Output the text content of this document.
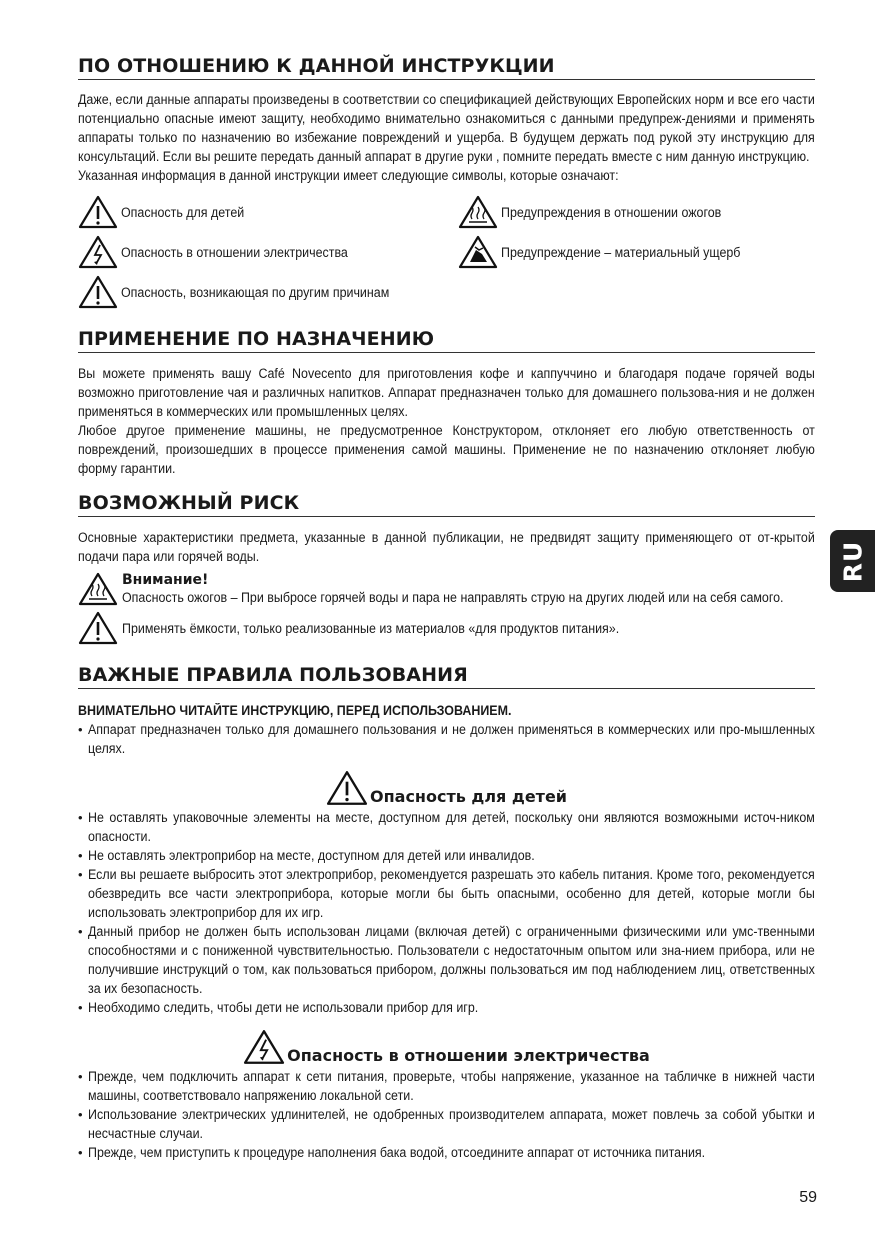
ПО ОТНОШЕНИЮ К ДАННОЙ ИНСТРУКЦИИ

Даже, если данные аппараты произведены в соответствии со спецификацией действующих Европейских норм и все его части потенциально опасные имеют защиту, необходимо внимательно ознакомиться с данными предупреж-дениями и применять аппараты только по назначению во избежание повреждений и ущерба. В будущем держать под рукой эту инструкцию для консультаций. Если вы решите передать данный аппарат в другие руки , помните передать вместе с ним данную инструкцию.

Указанная информация в данной инструкции имеет следующие символы, которые означают:

Опасность для детей
Опасность в отношении электричества
Опасность, возникающая по другим причинам
Предупреждения в отношении ожогов
Предупреждение – материальный ущерб
ПРИМЕНЕНИЕ ПО НАЗНАЧЕНИЮ

Вы можете применять вашу Café Novecento для приготовления кофе и каппуччино и благодаря подаче горячей воды возможно приготовление чая и различных напитков. Аппарат предназначен только для домашнего пользова-ния и не должен применяться в коммерческих или промышленных целях.

Любое другое применение машины, не предусмотренное Конструктором, отклоняет его любую ответственность от повреждений, произошедших в процессе применения самой машины. Применение не по назначению отклоняет любую форму гарантии.

ВОЗМОЖНЫЙ РИСК

Основные характеристики предмета, указанные в данной публикации, не предвидят защиту применяющего от от-крытой подачи пара или горячей воды.

Внимание!

Опасность ожогов – При выбросе горячей воды и пара не направлять струю на других людей или на себя самого.

Применять ёмкости, только реализованные из материалов «для продуктов питания».

ВАЖНЫЕ ПРАВИЛА ПОЛЬЗОВАНИЯ
ВНИМАТЕЛЬНО ЧИТАЙТЕ ИНСТРУКЦИЮ, ПЕРЕД ИСПОЛЬЗОВАНИЕМ.

• Аппарат предназначен только для домашнего пользования и не должен применяться в коммерческих или про-мышленных целях.

Опасность для детей

• Не оставлять упаковочные элементы на месте, доступном для детей, поскольку они являются возможными источ-ником опасности.

• Не оставлять электроприбор на месте, доступном для детей или инвалидов.

• Если вы решаете выбросить этот электроприбор, рекомендуется разрешать это кабель питания. Кроме того, рекомендуется обезвредить все части электроприбора, которые могли бы быть опасными, особенно для детей, которые могли бы использовать электроприбор для их игр.

• Данный прибор не должен быть использован лицами (включая детей) с ограниченными физическими или умс-твенными способностями и с пониженной чувствительностью. Пользователи с недостаточным опытом или зна-нием прибора, или не получившие инструкций о том, как пользоваться прибором, должны пользоваться им под наблюдением лиц, ответственных за их безопасность.

• Необходимо следить, чтобы дети не использовали прибор для игр.

Опасность в отношении электричества

• Прежде, чем подключить аппарат к сети питания, проверьте, чтобы напряжение, указанное на табличке в нижней части машины, соответствовало напряжению локальной сети.

• Использование электрических удлинителей, не одобренных производителем аппарата, может повлечь за собой убытки и несчастные случаи.

• Прежде, чем приступить к процедуре наполнения бака водой, отсоедините аппарат от источника питания.

RU
59
